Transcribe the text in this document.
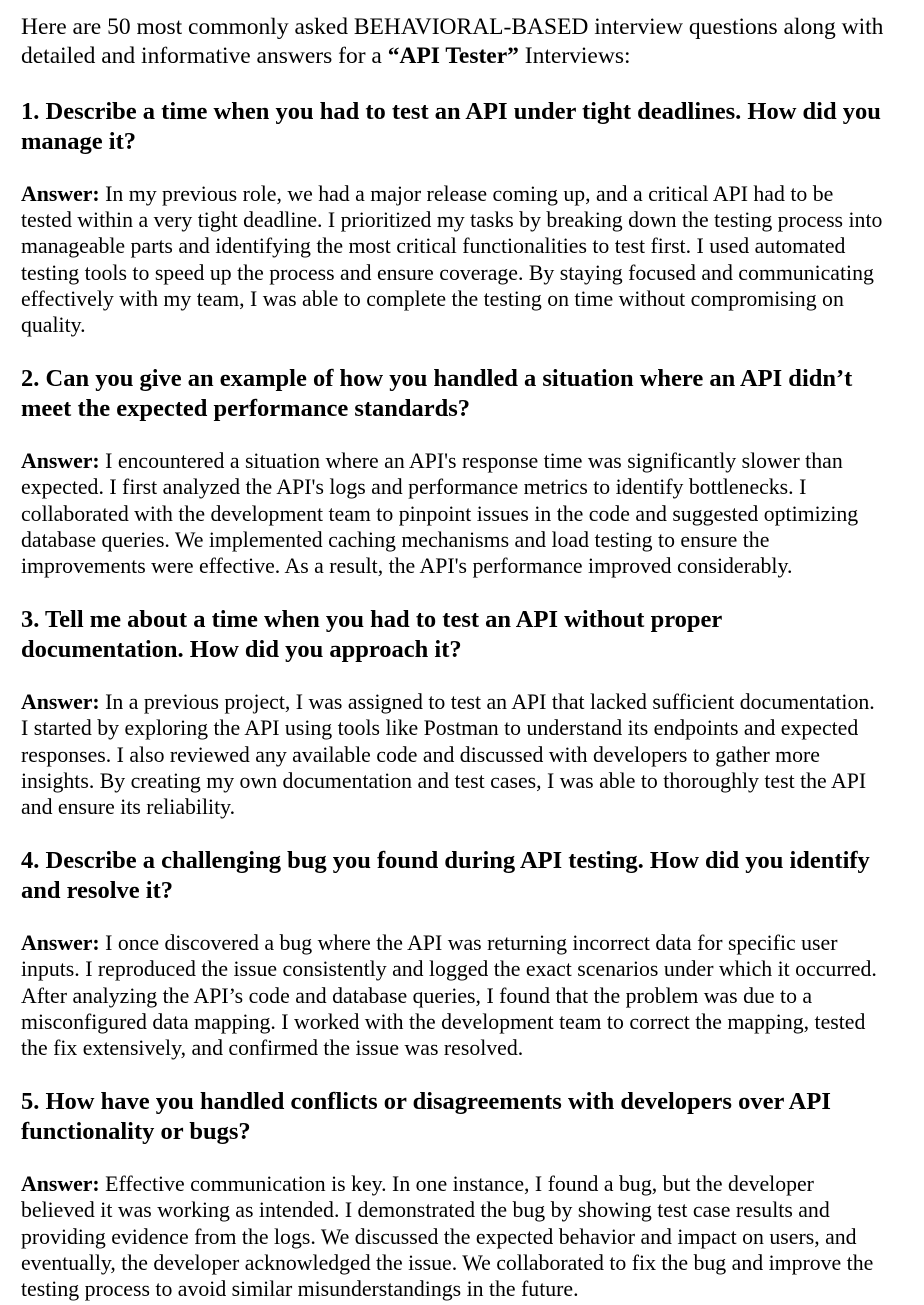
Here are 50 most commonly asked BEHAVIORAL-BASED interview questions along with detailed and informative answers for a “API Tester” Interviews:

1. Describe a time when you had to test an API under tight deadlines. How did you manage it?

Answer: In my previous role, we had a major release coming up, and a critical API had to be tested within a very tight deadline. I prioritized my tasks by breaking down the testing process into manageable parts and identifying the most critical functionalities to test first. I used automated testing tools to speed up the process and ensure coverage. By staying focused and communicating effectively with my team, I was able to complete the testing on time without compromising on quality.

2. Can you give an example of how you handled a situation where an API didn’t meet the expected performance standards?

Answer: I encountered a situation where an API's response time was significantly slower than expected. I first analyzed the API's logs and performance metrics to identify bottlenecks. I collaborated with the development team to pinpoint issues in the code and suggested optimizing database queries. We implemented caching mechanisms and load testing to ensure the improvements were effective. As a result, the API's performance improved considerably.

3. Tell me about a time when you had to test an API without proper documentation. How did you approach it?

Answer: In a previous project, I was assigned to test an API that lacked sufficient documentation. I started by exploring the API using tools like Postman to understand its endpoints and expected responses. I also reviewed any available code and discussed with developers to gather more insights. By creating my own documentation and test cases, I was able to thoroughly test the API and ensure its reliability.

4. Describe a challenging bug you found during API testing. How did you identify and resolve it?

Answer: I once discovered a bug where the API was returning incorrect data for specific user inputs. I reproduced the issue consistently and logged the exact scenarios under which it occurred. After analyzing the API’s code and database queries, I found that the problem was due to a misconfigured data mapping. I worked with the development team to correct the mapping, tested the fix extensively, and confirmed the issue was resolved.

5. How have you handled conflicts or disagreements with developers over API functionality or bugs?

Answer: Effective communication is key. In one instance, I found a bug, but the developer believed it was working as intended. I demonstrated the bug by showing test case results and providing evidence from the logs. We discussed the expected behavior and impact on users, and eventually, the developer acknowledged the issue. We collaborated to fix the bug and improve the testing process to avoid similar misunderstandings in the future.
